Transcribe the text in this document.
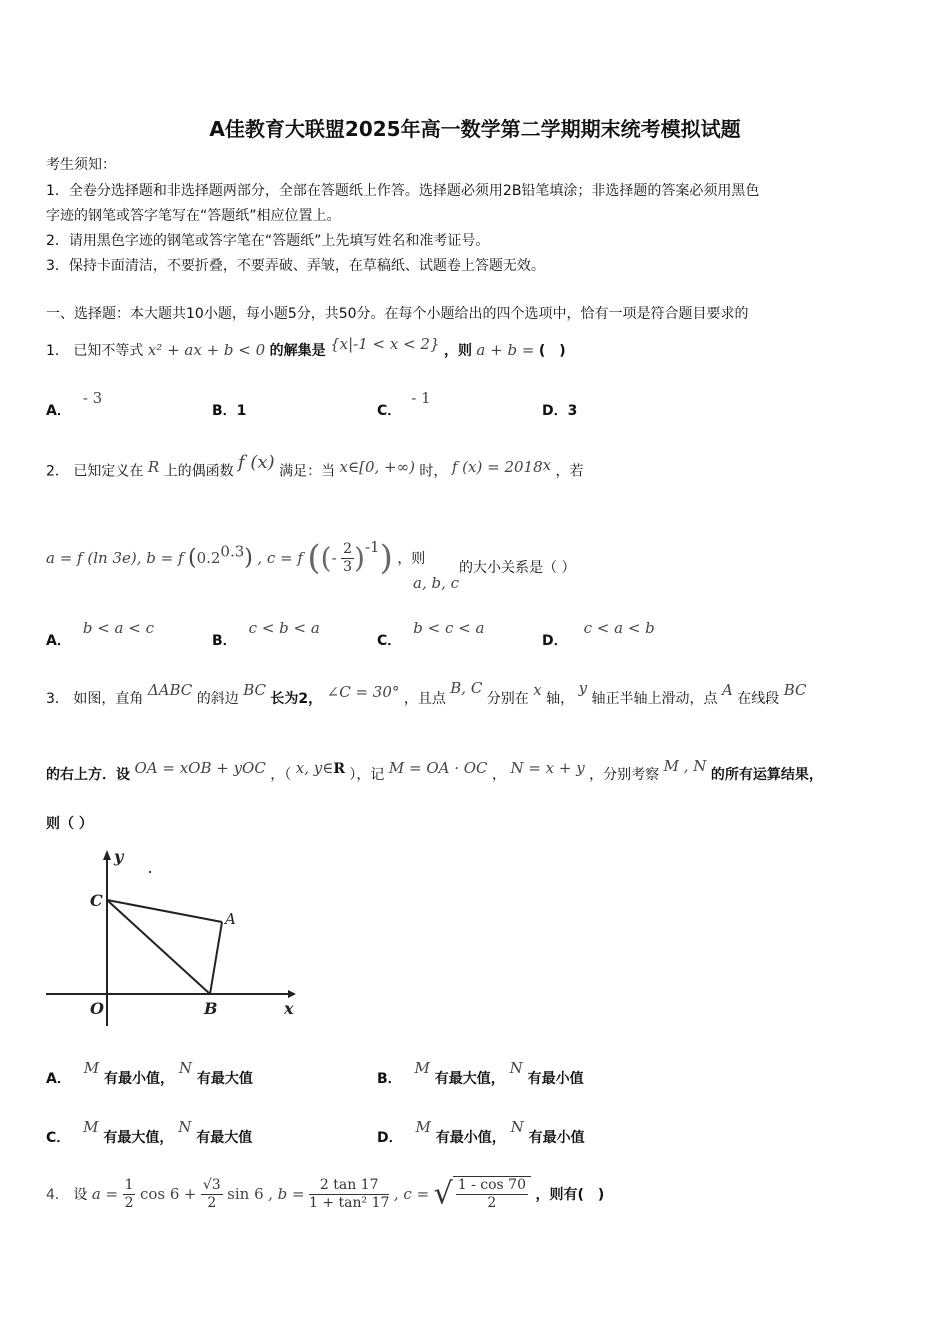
A佳教育大联盟2025年高一数学第二学期期末统考模拟试题
考生须知：
1．全卷分选择题和非选择题两部分，全部在答题纸上作答。选择题必须用2B铅笔填涂；非选择题的答案必须用黑色
字迹的钢笔或答字笔写在“答题纸”相应位置上。
2．请用黑色字迹的钢笔或答字笔在“答题纸”上先填写姓名和准考证号。
3．保持卡面清洁，不要折叠，不要弄破、弄皱，在草稿纸、试题卷上答题无效。
一、选择题：本大题共10小题，每小题5分，共50分。在每个小题给出的四个选项中，恰有一项是符合题目要求的
1． 已知不等式 x² + ax + b < 0 的解集是 {x|-1 < x < 2} ，则 a + b = (　)
A．- 3
B．1	C．- 1
D．3
2． 已知定义在 R 上的偶函数 f (x) 满足：当 x∈[0, +∞) 时， f $(x) = 2018^x$ ，若
a = f (ln 3e), b = f $(0.2^{0.3})$ , c = f ((- $\frac{2}{3} )^{-1}$) ，则
a, b, c
的大小关系是（ ）
A．b < a < c
B．c < b < a
C．b < c < a
D．c < a < b
3． 如图，直角 ΔABC 的斜边 BC 长为2， ∠C = 30° ，且点 B, C 分别在 x 轴， y 轴正半轴上滑动，点 A 在线段 BC
的右上方．设 OA = xOB + yOC ，（ x, y∈R ），记 M = OA · OC ， N = x + y ，分别考察 M , N 的所有运算结果，
则（ ）
y
x
C
A
O	B
A． M 有最小值， N 有最大值	B． M 有最大值， N 有最小值
C． M 有最大值， N 有最大值	D． M 有最小值， N 有最小值
4． 设 $a = \frac{1}{2}$ $\cos 6 + \frac{√3}{2}$ sin 6 , $b = \frac{2 \tan 17}{\text{1 + tan² 17}}$ , c = √ $\frac{1 - \cos 70}{2}$ ，则有(　)
